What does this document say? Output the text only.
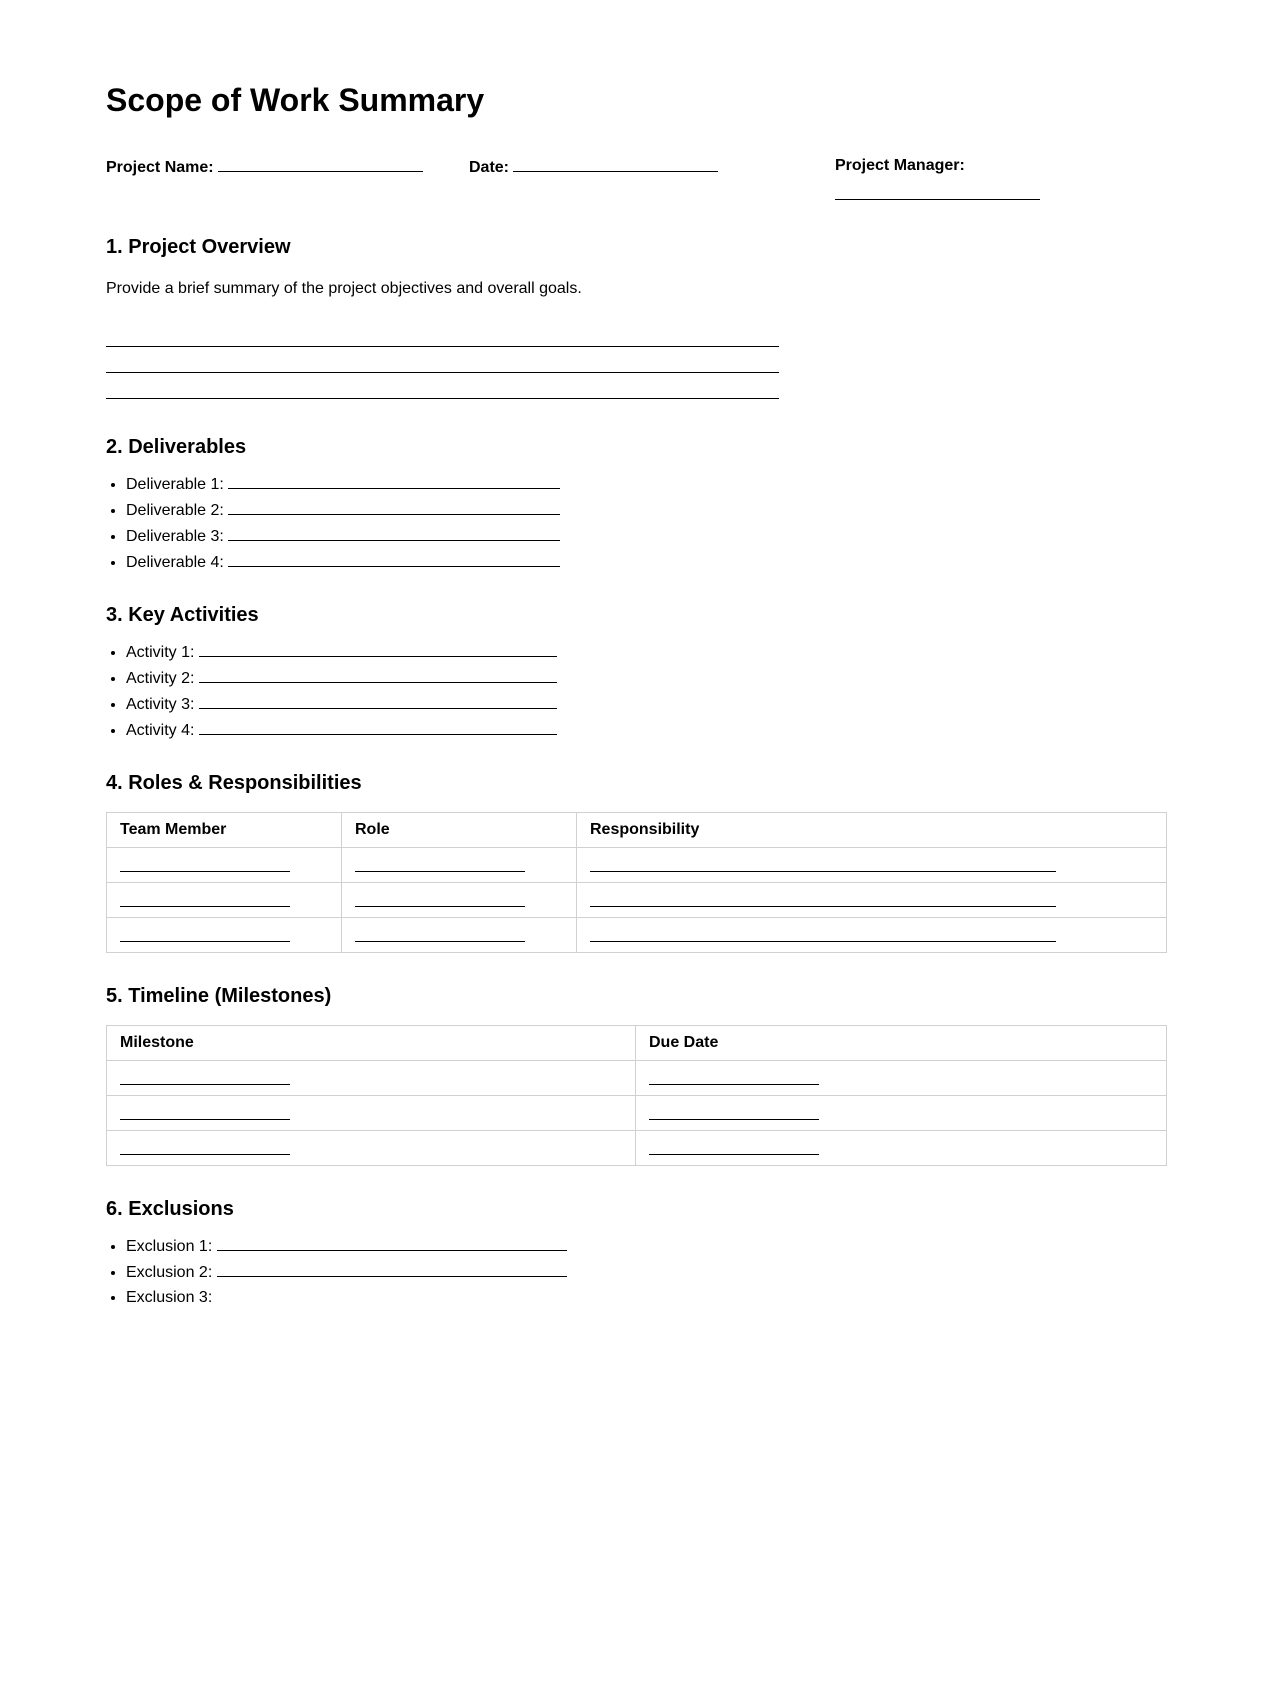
Scope of Work Summary
Project Name:	Date:	Project Manager:
1. Project Overview
Provide a brief summary of the project objectives and overall goals.
2. Deliverables
• Deliverable 1:
• Deliverable 2:
• Deliverable 3:
• Deliverable 4:
3. Key Activities
• Activity 1:
• Activity 2:
• Activity 3:
• Activity 4:
4. Roles & Responsibilities
Team Member	Role	Responsibility

5. Timeline (Milestones)
Milestone	Due Date

6. Exclusions
• Exclusion 1:
• Exclusion 2:
• Exclusion 3:
